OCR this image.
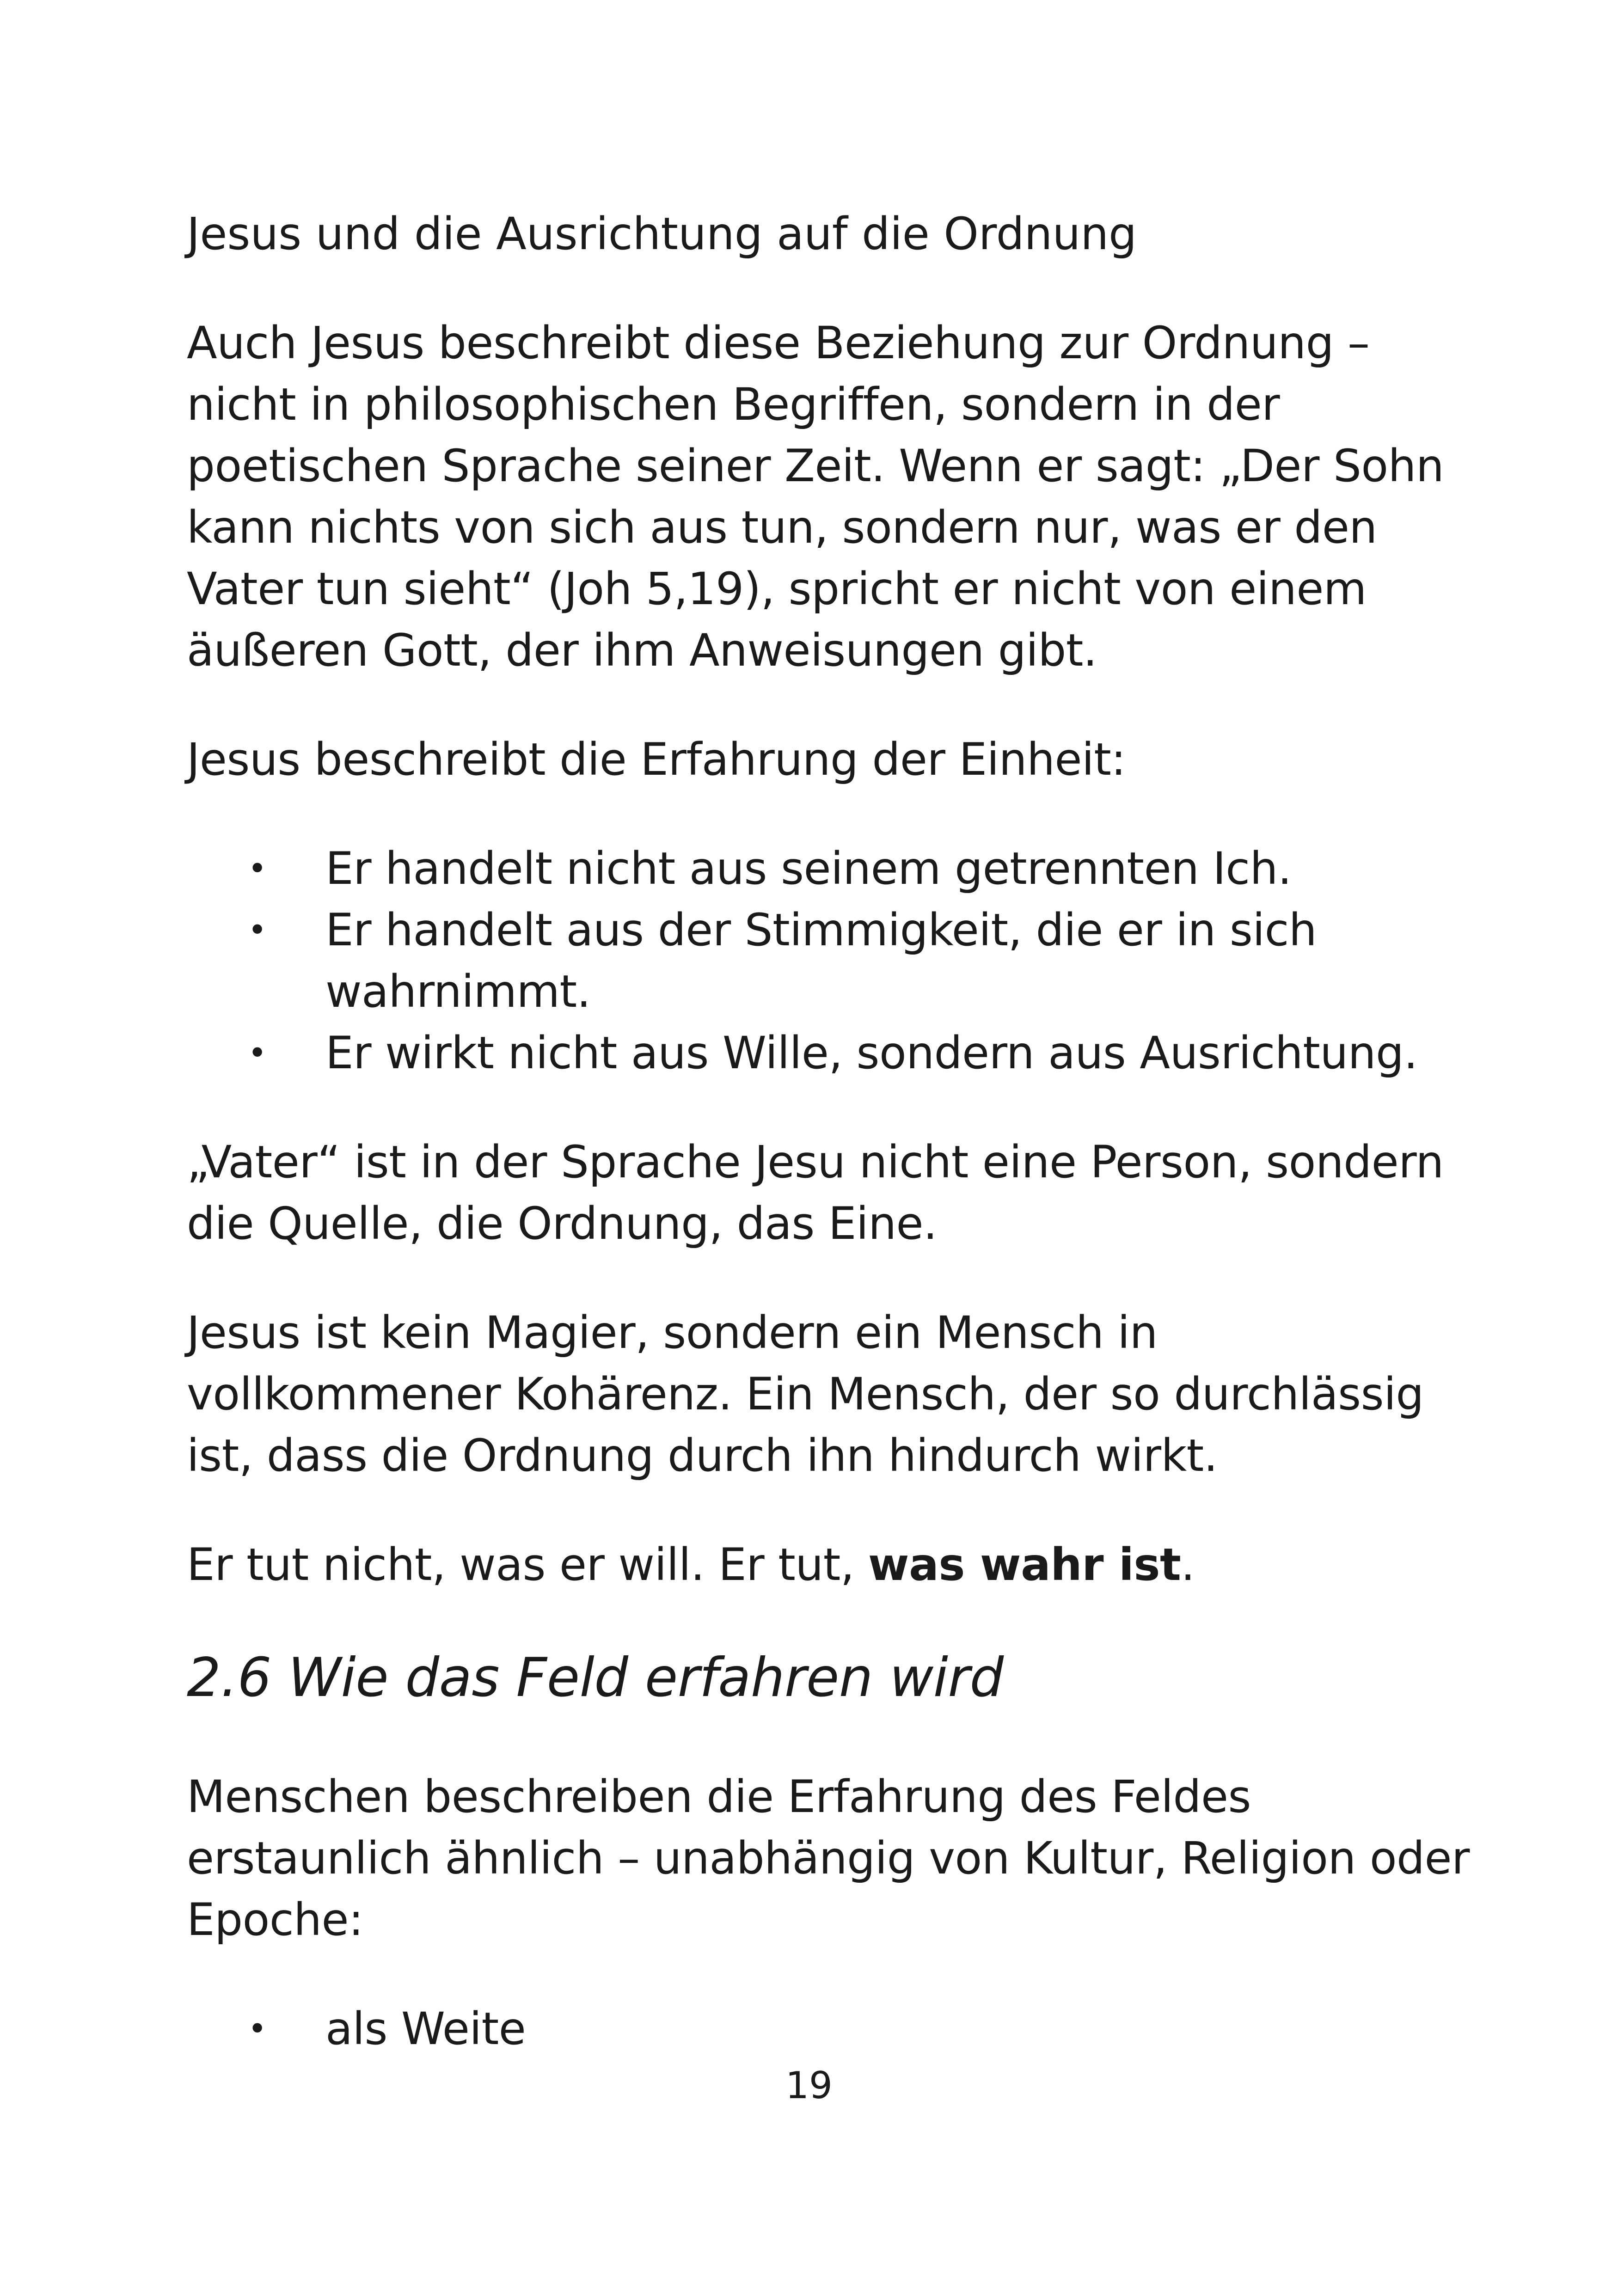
Jesus und die Ausrichtung auf die Ordnung

Auch Jesus beschreibt diese Beziehung zur Ordnung – nicht in philosophischen Begriffen, sondern in der poetischen Sprache seiner Zeit. Wenn er sagt: „Der Sohn kann nichts von sich aus tun, sondern nur, was er den Vater tun sieht“ (Joh 5,19), spricht er nicht von einem äußeren Gott, der ihm Anweisungen gibt.

Jesus beschreibt die Erfahrung der Einheit:

• Er handelt nicht aus seinem getrennten Ich.
• Er handelt aus der Stimmigkeit, die er in sich wahrnimmt.
• Er wirkt nicht aus Wille, sondern aus Ausrichtung.

„Vater“ ist in der Sprache Jesu nicht eine Person, sondern die Quelle, die Ordnung, das Eine.

Jesus ist kein Magier, sondern ein Mensch in vollkommener Kohärenz. Ein Mensch, der so durchlässig ist, dass die Ordnung durch ihn hindurch wirkt.

Er tut nicht, was er will. Er tut, was wahr ist.

2.6 Wie das Feld erfahren wird

Menschen beschreiben die Erfahrung des Feldes erstaunlich ähnlich – unabhängig von Kultur, Religion oder Epoche:

• als Weite
19
